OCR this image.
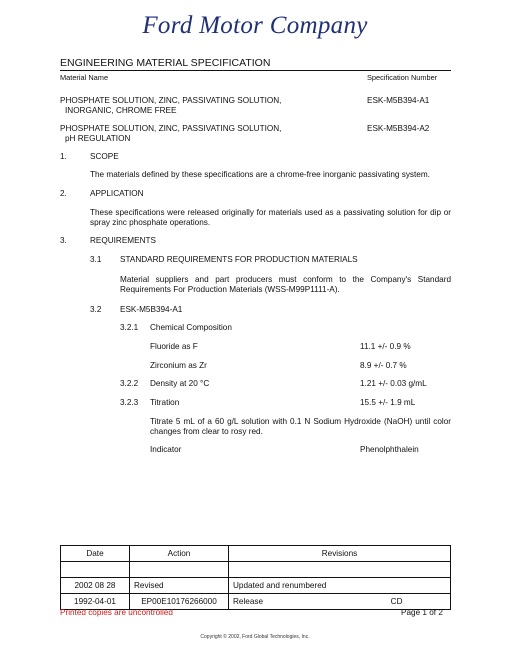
Ford Motor Company
ENGINEERING MATERIAL SPECIFICATION
Material Name	Specification Number
PHOSPHATE SOLUTION, ZINC, PASSIVATING SOLUTION,
INORGANIC, CHROME FREE
ESK-M5B394-A1
PHOSPHATE SOLUTION, ZINC, PASSIVATING SOLUTION,
pH REGULATION
ESK-M5B394-A2
1.	SCOPE
The materials defined by these specifications are a chrome-free inorganic passivating system.
2.	APPLICATION
These specifications were released originally for materials used as a passivating solution for dip or spray zinc phosphate operations.
3.	REQUIREMENTS
3.1 STANDARD REQUIREMENTS FOR PRODUCTION MATERIALS
Material suppliers and part producers must conform to the Company's Standard Requirements For Production Materials (WSS-M99P1111-A).
3.2 ESK-M5B394-A1
3.2.1 Chemical Composition
Fluoride as F	11.1 +/- 0.9 %
Zirconium as Zr	8.9 +/- 0.7 %
3.2.2 Density at 20 °C	1.21 +/- 0.03 g/mL
3.2.3 Titration	15.5 +/- 1.9 mL
Titrate 5 mL of a 60 g/L solution with 0.1 N Sodium Hydroxide (NaOH) until color changes from clear to rosy red.
Indicator	Phenolphthalein
Date	Action	Revisions

2002 08 28	Revised	Updated and renumbered
1992-04-01	EP00E10176266000	Release CD
Printed copies are uncontrolled	Page 1 of 2
Copyright © 2002, Ford Global Technologies, Inc.
